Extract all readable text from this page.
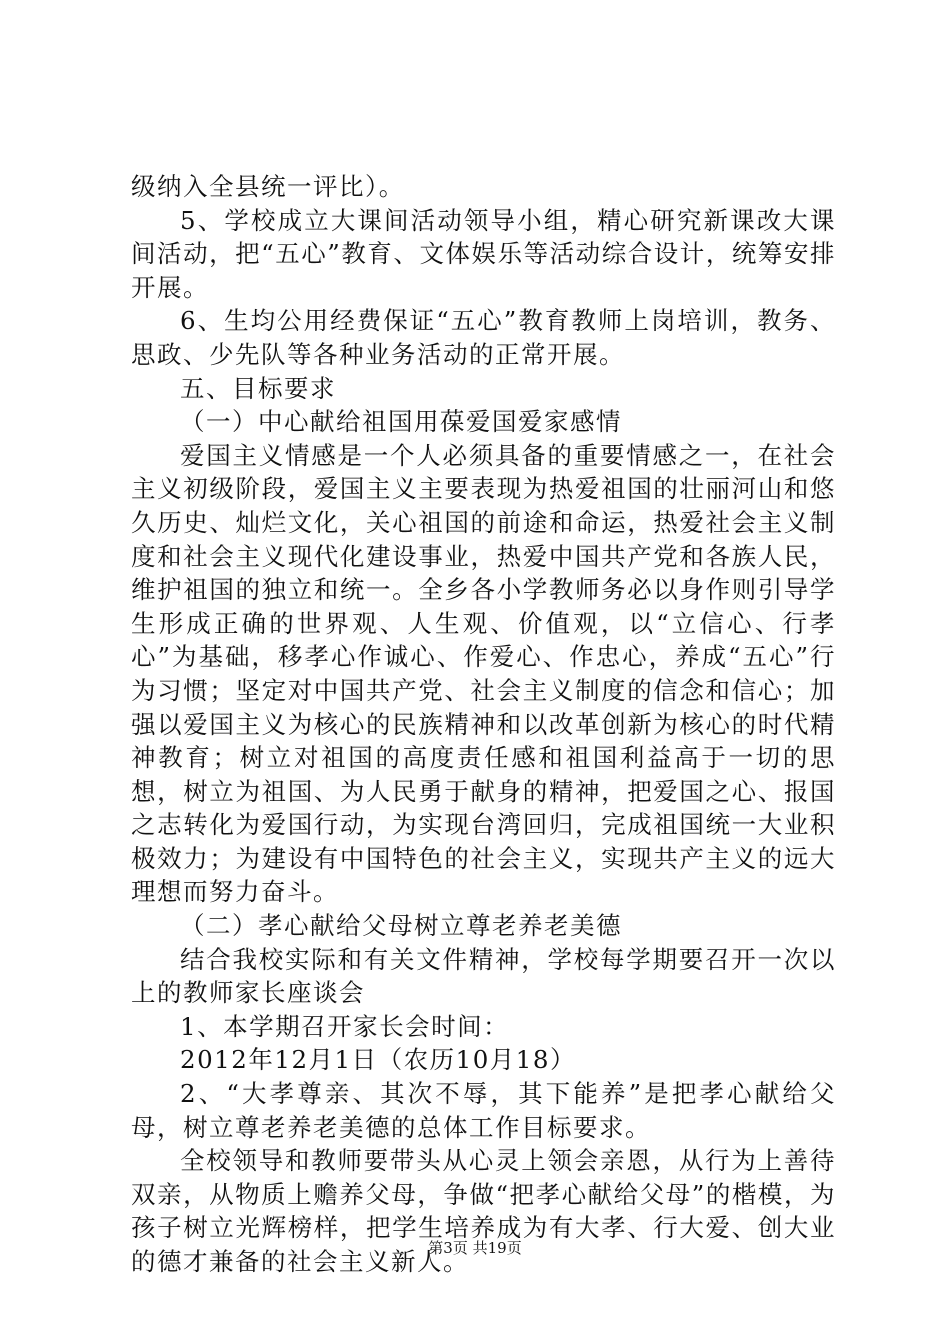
级纳入全县统一评比）。

5、学校成立大课间活动领导小组，精心研究新课改大课间活动，把“五心”教育、文体娱乐等活动综合设计，统筹安排开展。

6、生均公用经费保证“五心”教育教师上岗培训，教务、思政、少先队等各种业务活动的正常开展。

五、目标要求

（一）中心献给祖国用葆爱国爱家感情

爱国主义情感是一个人必须具备的重要情感之一，在社会主义初级阶段，爱国主义主要表现为热爱祖国的壮丽河山和悠久历史、灿烂文化，关心祖国的前途和命运，热爱社会主义制度和社会主义现代化建设事业，热爱中国共产党和各族人民，维护祖国的独立和统一。全乡各小学教师务必以身作则引导学生形成正确的世界观、人生观、价值观，以“立信心、行孝心”为基础，移孝心作诚心、作爱心、作忠心，养成“五心”行为习惯；坚定对中国共产党、社会主义制度的信念和信心；加强以爱国主义为核心的民族精神和以改革创新为核心的时代精神教育；树立对祖国的高度责任感和祖国利益高于一切的思想，树立为祖国、为人民勇于献身的精神，把爱国之心、报国之志转化为爱国行动，为实现台湾回归，完成祖国统一大业积极效力；为建设有中国特色的社会主义，实现共产主义的远大理想而努力奋斗。

（二）孝心献给父母树立尊老养老美德

结合我校实际和有关文件精神，学校每学期要召开一次以上的教师家长座谈会

1、本学期召开家长会时间：

2012年12月1日（农历10月18）

2、“大孝尊亲、其次不辱，其下能养”是把孝心献给父母，树立尊老养老美德的总体工作目标要求。

全校领导和教师要带头从心灵上领会亲恩，从行为上善待双亲，从物质上赡养父母，争做“把孝心献给父母”的楷模，为孩子树立光辉榜样，把学生培养成为有大孝、行大爱、创大业的德才兼备的社会主义新人。

第3页 共19页
